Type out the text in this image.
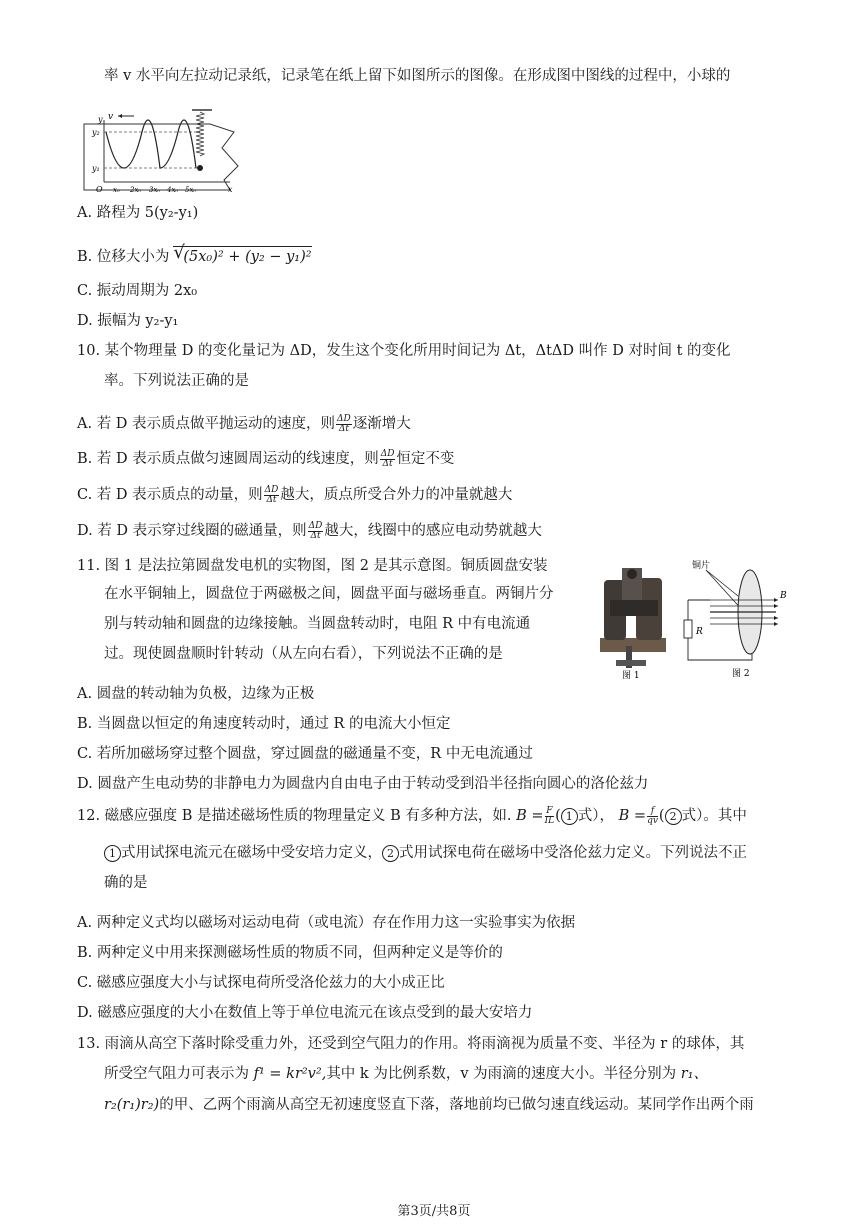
率 v 水平向左拉动记录纸，记录笔在纸上留下如图所示的图像。在形成图中图线的过程中，小球的
v
y
y₂
y₁
O	x
x₀ 2x₀ 3x₀ 4x₀ 5x₀
A. 路程为 5(y₂-y₁)
B. 位移大小为 √
(5x₀)² + (y₂ − y₁)²
C. 振动周期为 2x₀
D. 振幅为 y₂-y₁
10. 某个物理量 D 的变化量记为 ΔD，发生这个变化所用时间记为 Δt，ΔtΔD 叫作 D 对时间 t 的变化
率。下列说法正确的是
A. 若 D 表示质点做平抛运动的速度，则 $\frac{\Delta D}{\Delta t}$ 逐渐增大
B. 若 D 表示质点做匀速圆周运动的线速度，则 $\frac{\Delta D}{\Delta t}$ 恒定不变
C. 若 D 表示质点的动量，则 $\frac{\Delta D}{\Delta t}$ 越大，质点所受合外力的冲量就越大
D. 若 D 表示穿过线圈的磁通量，则 $\frac{\Delta D}{\Delta t}$ 越大，线圈中的感应电动势就越大
11. 图 1 是法拉第圆盘发电机的实物图，图 2 是其示意图。铜质圆盘安装
在水平铜轴上，圆盘位于两磁极之间，圆盘平面与磁场垂直。两铜片分
别与转动轴和圆盘的边缘接触。当圆盘转动时，电阻 R 中有电流通
过。现使圆盘顺时针转动（从左向右看），下列说法不正确的是
图 1
铜片
B
R
图 2
A. 圆盘的转动轴为负极，边缘为正极
B. 当圆盘以恒定的角速度转动时，通过 R 的电流大小恒定
C. 若所加磁场穿过整个圆盘，穿过圆盘的磁通量不变，R 中无电流通过
D. 圆盘产生电动势的非静电力为圆盘内自由电子由于转动受到沿半径指向圆心的洛伦兹力
12. 磁感应强度 B 是描述磁场性质的物理量定义 B 有多种方法，如. $B = \frac{F}{IL}$ ( 1 式）， $B = \frac{f}{qv}$ ( 2 式）。其中
1 式用试探电流元在磁场中受安培力定义， 2 式用试探电荷在磁场中受洛伦兹力定义。下列说法不正
确的是
A. 两种定义式均以磁场对运动电荷（或电流）存在作用力这一实验事实为依据
B. 两种定义中用来探测磁场性质的物质不同，但两种定义是等价的
C. 磁感应强度大小与试探电荷所受洛伦兹力的大小成正比
D. 磁感应强度的大小在数值上等于单位电流元在该点受到的最大安培力
13. 雨滴从高空下落时除受重力外，还受到空气阻力的作用。将雨滴视为质量不变、半径为 r 的球体，其
所受空气阻力可表示为 f¹ = kr²v²,其中 k 为比例系数，v 为雨滴的速度大小。半径分别为 r₁、
r₂(r₁)r₂)的甲、乙两个雨滴从高空无初速度竖直下落，落地前均已做匀速直线运动。某同学作出两个雨
第3页/共8页
